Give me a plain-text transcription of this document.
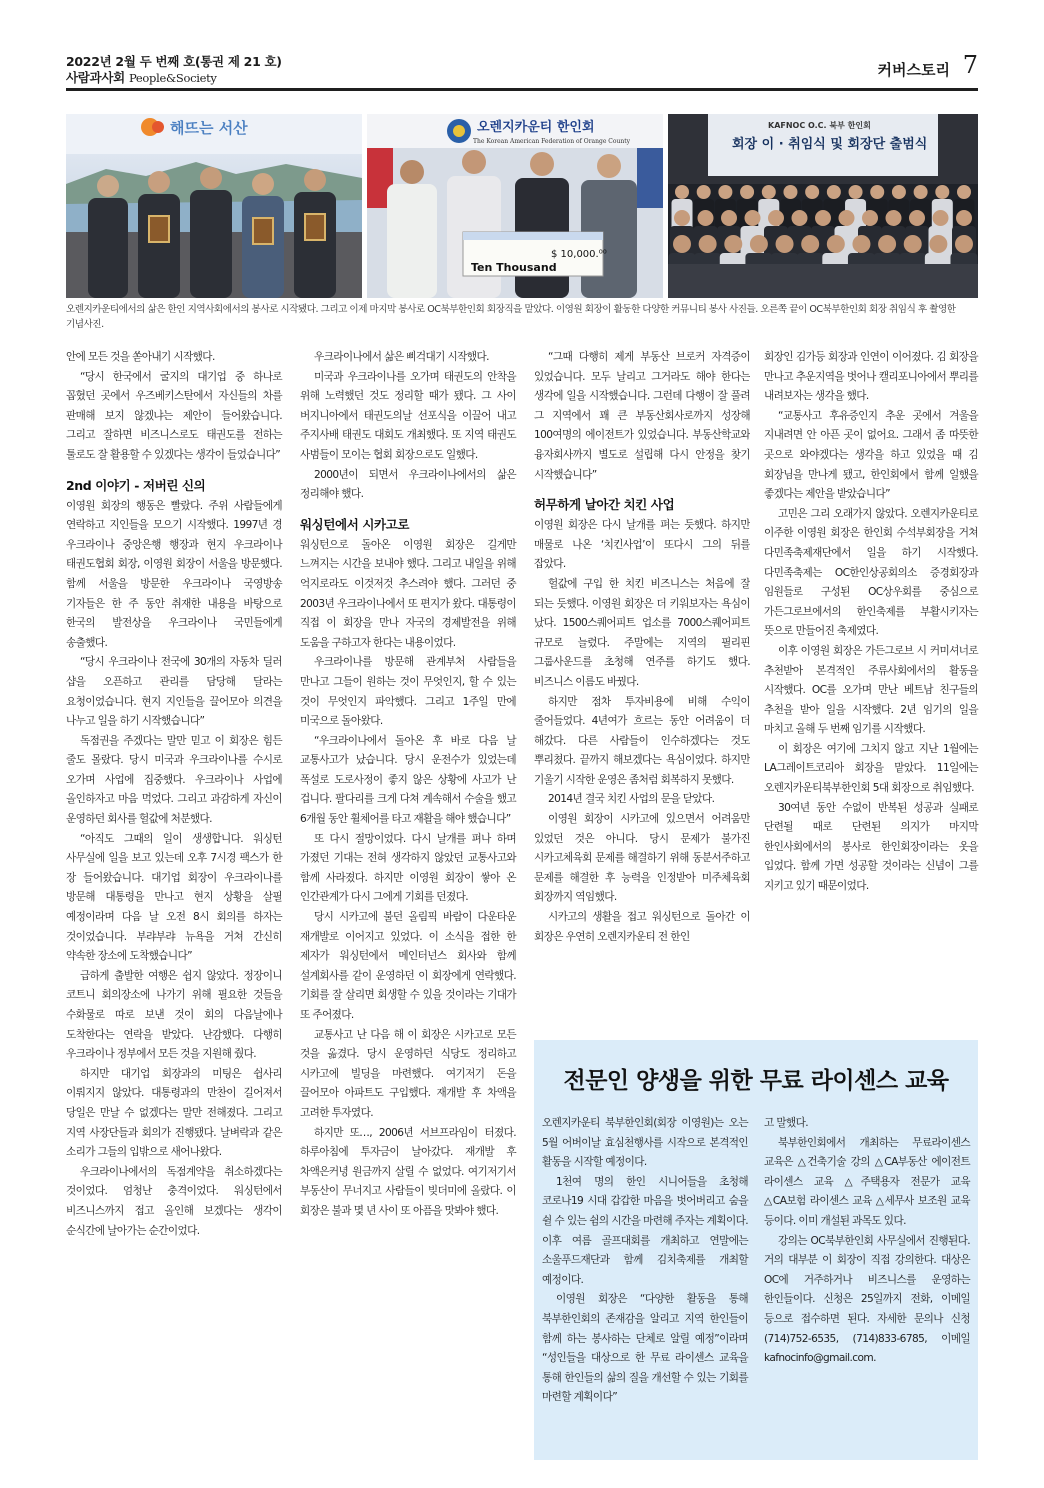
2022년 2월 두 번째 호(통권 제 21 호)
사람과사회 People&Society	커버스토리 7
해뜨는 서산	오렌지카운티 한인회
The Korean American Federation of Orange County
$ 10,000.⁰⁰
Ten Thousand
KAFNOC O.C. 북부 한인회
회장 이 · 취임식 및 회장단 출범식
오렌지카운티에서의 삶은 한인 지역사회에서의 봉사로 시작됐다. 그리고 이제 마지막 봉사로 OC북부한인회 회장직을 맡았다. 이영원 회장이 활동한 다양한 커뮤니티 봉사 사진들. 오른쪽 끝이 OC북부한인회 회장 취임식 후 촬영한 기념사진.

안에 모든 것을 쏟아내기 시작했다.

“당시 한국에서 굴지의 대기업 중 하나로 꼽혔던 곳에서 우즈베키스탄에서 자신들의 차를 판매해 보지 않겠냐는 제안이 들어왔습니다. 그리고 잘하면 비즈니스로도 태권도를 전하는 툴로도 잘 활용할 수 있겠다는 생각이 들었습니다”

2nd 이야기 - 저버린 신의

이영원 회장의 행동은 빨랐다. 주위 사람들에게 연락하고 지인들을 모으기 시작했다. 1997년 경 우크라이나 중앙은행 행장과 현지 우크라이나 태권도협회 회장, 이영원 회장이 서울을 방문했다. 함께 서울을 방문한 우크라이나 국영방송 기자들은 한 주 동안 취재한 내용을 바탕으로 한국의 발전상을 우크라이나 국민들에게 송출했다.

“당시 우크라이나 전국에 30개의 자동차 딜러 샵을 오픈하고 관리를 담당해 달라는 요청이었습니다. 현지 지인들을 끌어모아 의견을 나누고 일을 하기 시작했습니다”

독점권을 주겠다는 말만 믿고 이 회장은 힘든 줄도 몰랐다. 당시 미국과 우크라이나를 수시로 오가며 사업에 집중했다. 우크라이나 사업에 올인하자고 마음 먹었다. 그리고 과감하게 자신이 운영하던 회사를 헐값에 처분했다.

“아직도 그때의 일이 생생합니다. 워싱턴 사무실에 일을 보고 있는데 오후 7시경 팩스가 한 장 들어왔습니다. 대기업 회장이 우크라이나를 방문해 대통령을 만나고 현지 상황을 살필 예정이라며 다음 날 오전 8시 회의를 하자는 것이었습니다. 부랴부랴 뉴욕을 거쳐 간신히 약속한 장소에 도착했습니다”

급하게 출발한 여행은 쉽지 않았다. 정장이니 코트니 회의장소에 나가기 위해 필요한 것들을 수화물로 따로 보낸 것이 회의 다음날에나 도착한다는 연락을 받았다. 난감했다. 다행히 우크라이나 정부에서 모든 것을 지원해 줬다.

하지만 대기업 회장과의 미팅은 쉽사리 이뤄지지 않았다. 대통령과의 만찬이 길어져서 당일은 만날 수 없겠다는 말만 전해졌다. 그리고 지역 사장단들과 회의가 진행됐다. 날벼락과 같은 소리가 그들의 입밖으로 새어나왔다.

우크라이나에서의 독점계약을 취소하겠다는 것이었다. 엄청난 충격이었다. 워싱턴에서 비즈니스까지 접고 올인해 보겠다는 생각이 순식간에 날아가는 순간이었다.

우크라이나에서 삶은 삐걱대기 시작했다.

미국과 우크라이나를 오가며 태권도의 안착을 위해 노력했던 것도 정리할 때가 됐다. 그 사이 버지니아에서 태권도의날 선포식을 이끌어 내고 주지사배 태권도 대회도 개최했다. 또 지역 태권도 사범들이 모이는 협회 회장으로도 일했다.

2000년이 되면서 우크라이나에서의 삶은 정리해야 했다.

워싱턴에서 시카고로

워싱턴으로 돌아온 이영원 회장은 길게만 느껴지는 시간을 보내야 했다. 그리고 내일을 위해 억지로라도 이것저것 추스려야 했다. 그러던 중 2003년 우크라이나에서 또 편지가 왔다. 대통령이 직접 이 회장을 만나 자국의 경제발전을 위해 도움을 구하고자 한다는 내용이었다.

우크라이나를 방문해 관계부처 사람들을 만나고 그들이 원하는 것이 무엇인지, 할 수 있는 것이 무엇인지 파악했다. 그리고 1주일 만에 미국으로 돌아왔다.

“우크라이나에서 돌아온 후 바로 다음 날 교통사고가 났습니다. 당시 운전수가 있었는데 폭설로 도로사정이 좋지 않은 상황에 사고가 난 겁니다. 팔다리를 크게 다쳐 계속해서 수술을 했고 6개월 동안 휠체어를 타고 재활을 해야 했습니다”

또 다시 절망이었다. 다시 날개를 펴나 하며 가졌던 기대는 전혀 생각하지 않았던 교통사고와 함께 사라졌다. 하지만 이영원 회장이 쌓아 온 인간관계가 다시 그에게 기회를 던졌다.

당시 시카고에 불던 올림픽 바람이 다운타운 재개발로 이어지고 있었다. 이 소식을 접한 한 제자가 워싱턴에서 메인터넌스 회사와 함께 설계회사를 같이 운영하던 이 회장에게 연락했다. 기회를 잘 살리면 회생할 수 있을 것이라는 기대가 또 주어졌다.

교통사고 난 다음 해 이 회장은 시카고로 모든 것을 옮겼다. 당시 운영하던 식당도 정리하고 시카고에 빌딩을 마련했다. 여기저기 돈을 끌어모아 아파트도 구입했다. 재개발 후 차액을 고려한 투자였다.

하지만 또…, 2006년 서브프라임이 터졌다. 하루아침에 투자금이 날아갔다. 재개발 후 차액은커녕 원금까지 살릴 수 없었다. 여기저기서 부동산이 무너지고 사람들이 빚더미에 올랐다. 이 회장은 불과 몇 년 사이 또 아픔을 맛봐야 했다.

“그때 다행히 제게 부동산 브로커 자격증이 있었습니다. 모두 날리고 그거라도 해야 한다는 생각에 일을 시작했습니다. 그런데 다행이 잘 풀려 그 지역에서 꽤 큰 부동산회사로까지 성장해 100여명의 에이전트가 있었습니다. 부동산학교와 융자회사까지 별도로 설립해 다시 안정을 찾기 시작했습니다”

허무하게 날아간 치킨 사업

이영원 회장은 다시 날개를 펴는 듯했다. 하지만 매물로 나온 ‘치킨사업’이 또다시 그의 뒤를 잡았다.

헐값에 구입 한 치킨 비즈니스는 처음에 잘 되는 듯했다. 이영원 회장은 더 키워보자는 욕심이 났다. 1500스퀘어피트 업소를 7000스퀘어피트 규모로 늘렸다. 주말에는 지역의 필리핀 그룹사운드를 초청해 연주를 하기도 했다. 비즈니스 이름도 바꿨다.

하지만 점차 투자비용에 비해 수익이 줄어들었다. 4년여가 흐르는 동안 어려움이 더 해갔다. 다른 사람들이 인수하겠다는 것도 뿌리쳤다. 끝까지 해보겠다는 욕심이었다. 하지만 기울기 시작한 운영은 좀처럼 회복하지 못했다.

2014년 결국 치킨 사업의 문을 닫았다.

이영원 회장이 시카고에 있으면서 어려움만 있었던 것은 아니다. 당시 문제가 불가진 시카고체육회 문제를 해결하기 위해 동분서주하고 문제를 해결한 후 능력을 인정받아 미주체육회 회장까지 역임했다.

시카고의 생활을 접고 워싱턴으로 돌아간 이 회장은 우연히 오렌지카운티 전 한인

회장인 김가등 회장과 인연이 이어졌다. 김 회장을 만나고 추운지역을 벗어나 캘리포니아에서 뿌리를 내려보자는 생각을 했다.

“교통사고 후유증인지 추운 곳에서 겨울을 지내려면 안 아픈 곳이 없어요. 그래서 좀 따뜻한 곳으로 와야겠다는 생각을 하고 있었을 때 김 회장님을 만나게 됐고, 한인회에서 함께 일했을 좋겠다는 제안을 받았습니다”

고민은 그리 오래가지 않았다. 오렌지카운티로 이주한 이영원 회장은 한인회 수석부회장을 거쳐 다민족축제재단에서 일을 하기 시작했다. 다민족축제는 OC한인상공회의소 증경회장과 임원들로 구성된 OC상우회를 중심으로 가든그로브에서의 한인축제를 부활시키자는 뜻으로 만들어진 축제였다.

이후 이영원 회장은 가든그로브 시 커미셔너로 추천받아 본격적인 주류사회에서의 활동을 시작했다. OC를 오가며 만난 베트남 친구들의 추천을 받아 일을 시작했다. 2년 임기의 일을 마치고 올해 두 번째 임기를 시작했다.

이 회장은 여기에 그치지 않고 지난 1월에는 LA그레이트코리아 회장을 맡았다. 11일에는 오렌지카운티북부한인회 5대 회장으로 취임했다.

30여년 동안 수없이 반복된 성공과 실패로 단련될 때로 단련된 의지가 마지막 한인사회에서의 봉사로 한인회장이라는 옷을 입었다. 함께 가면 성공할 것이라는 신념이 그를 지키고 있기 때문이었다.

전문인 양생을 위한 무료 라이센스 교육

오렌지카운티 북부한인회(회장 이영원)는 오는 5월 어버이날 효심천행사를 시작으로 본격적인 활동을 시작할 예정이다.

1천여 명의 한인 시니어들을 초청해 코로나19 시대 갑갑한 마음을 벗어버리고 숨을 쉴 수 있는 쉼의 시간을 마련해 주자는 계획이다. 이후 여름 골프대회를 개최하고 연말에는 소울푸드재단과 함께 김치축제를 개최할 예정이다.

이영원 회장은 “다양한 활동을 통해 북부한인회의 존재감을 알리고 지역 한인들이 함께 하는 봉사하는 단체로 알릴 예정”이라며 “성인들을 대상으로 한 무료 라이센스 교육을 통해 한인들의 삶의 질을 개선할 수 있는 기회를 마련할 계획이다”

고 말했다.

북부한인회에서 개최하는 무료라이센스 교육은 △건축기술 강의 △CA부동산 에이전트 라이센스 교육 △주택용자 전문가 교육 △CA보험 라이센스 교육 △세무사 보조원 교육 등이다. 이미 개설된 과목도 있다.

강의는 OC북부한인회 사무실에서 진행된다. 거의 대부분 이 회장이 직접 강의한다. 대상은 OC에 거주하거나 비즈니스를 운영하는 한인들이다. 신청은 25일까지 전화, 이메일 등으로 접수하면 된다. 자세한 문의나 신청 (714)752-6535, (714)833-6785, 이메일 kafnocinfo@gmail.com.
